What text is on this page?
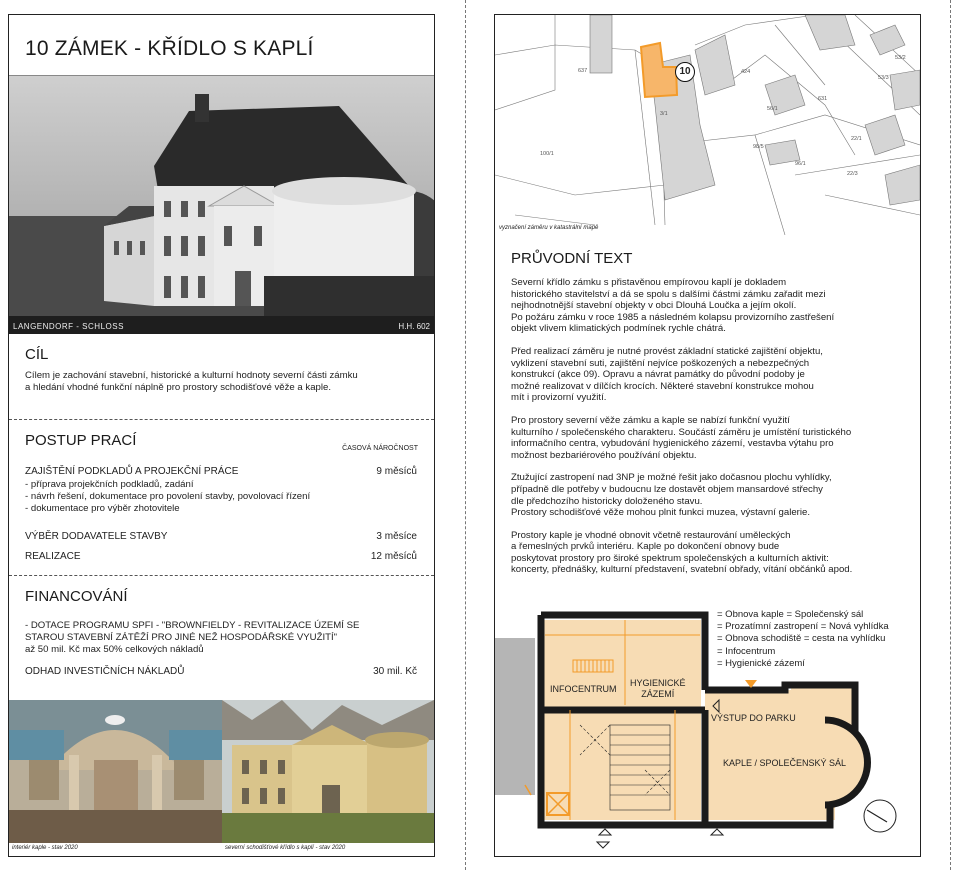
10 ZÁMEK - KŘÍDLO S KAPLÍ
LANGENDORF - SCHLOSS	H.H. 602
CÍL
Cílem je zachování stavební, historické a kulturní hodnoty severní části zámku
a hledání vhodné funkční náplně pro prostory schodišťové věže a kaple.
POSTUP PRACÍ	ČASOVÁ NÁROČNOST
ZAJIŠTĚNÍ PODKLADŮ A PROJEKČNÍ PRÁCE	9 měsíců
- příprava projekčních podkladů, zadání
- návrh řešení, dokumentace pro povolení stavby, povolovací řízení
- dokumentace pro výběr zhotovitele
VÝBĚR DODAVATELE STAVBY	3 měsíce
REALIZACE	12 měsíců
FINANCOVÁNÍ
- DOTACE PROGRAMU SPFI - "BROWNFIELDY - REVITALIZACE ÚZEMÍ SE
STAROU STAVEBNÍ ZÁTĚŽÍ PRO JINÉ NEŽ HOSPODÁŘSKÉ VYUŽITÍ"
až 50 mil. Kč max 50% celkových nákladů
ODHAD INVESTIČNÍCH NÁKLADŮ	30 mil. Kč
interiér kaple - stav 2020	severní schodišťové křídlo s kaplí - stav 2020
637
3/1
100/1
631
424
56/1
98/5
96/1
22/3
53/3
53/2
22/1
10
vyznačení záměru v katastrální mapě
PRŮVODNÍ TEXT

Severní křídlo zámku s přistavěnou empírovou kaplí je dokladem
historického stavitelství a dá se spolu s dalšími částmi zámku zařadit mezi
nejhodnotnější stavební objekty v obci Dlouhá Loučka a jejím okolí.
Po požáru zámku v roce 1985 a následném kolapsu provizorního zastřešení
objekt vlivem klimatických podmínek rychle chátrá.

Před realizací záměru je nutné provést základní statické zajištění objektu,
vyklizení stavební suti, zajištění nejvíce poškozených a nebezpečných
konstrukcí (akce 09). Opravu a návrat památky do původní podoby je
možné realizovat v dílčích krocích. Některé stavební konstrukce mohou
mít i provizorní využití.

Pro prostory severní věže zámku a kaple se nabízí funkční využití
kulturního / společenského charakteru. Součástí záměru je umístění turistického
informačního centra, vybudování hygienického zázemí, vestavba výtahu pro
možnost bezbariérového používání objektu.

Ztužující zastropení nad 3NP je možné řešit jako dočasnou plochu vyhlídky,
případně dle potřeby v budoucnu lze dostavět objem mansardové střechy
dle předchozího historicky doloženého stavu.
Prostory schodišťové věže mohou plnit funkci muzea, výstavní galerie.

Prostory kaple je vhodné obnovit včetně restaurování uměleckých
a řemeslných prvků interiéru. Kaple po dokončení obnovy bude
poskytovat prostory pro široké spektrum společenských a kulturních aktivit:
koncerty, přednášky, kulturní představení, svatební obřady, vítání občánků apod.

INFOCENTRUM
HYGIENICKÉ
ZÁZEMÍ
VÝSTUP DO PARKU
KAPLE / SPOLEČENSKÝ SÁL
= Obnova kaple = Společenský sál
= Prozatímní zastropení = Nová vyhlídka
= Obnova schodiště = cesta na vyhlídku
= Infocentrum
= Hygienické zázemí
